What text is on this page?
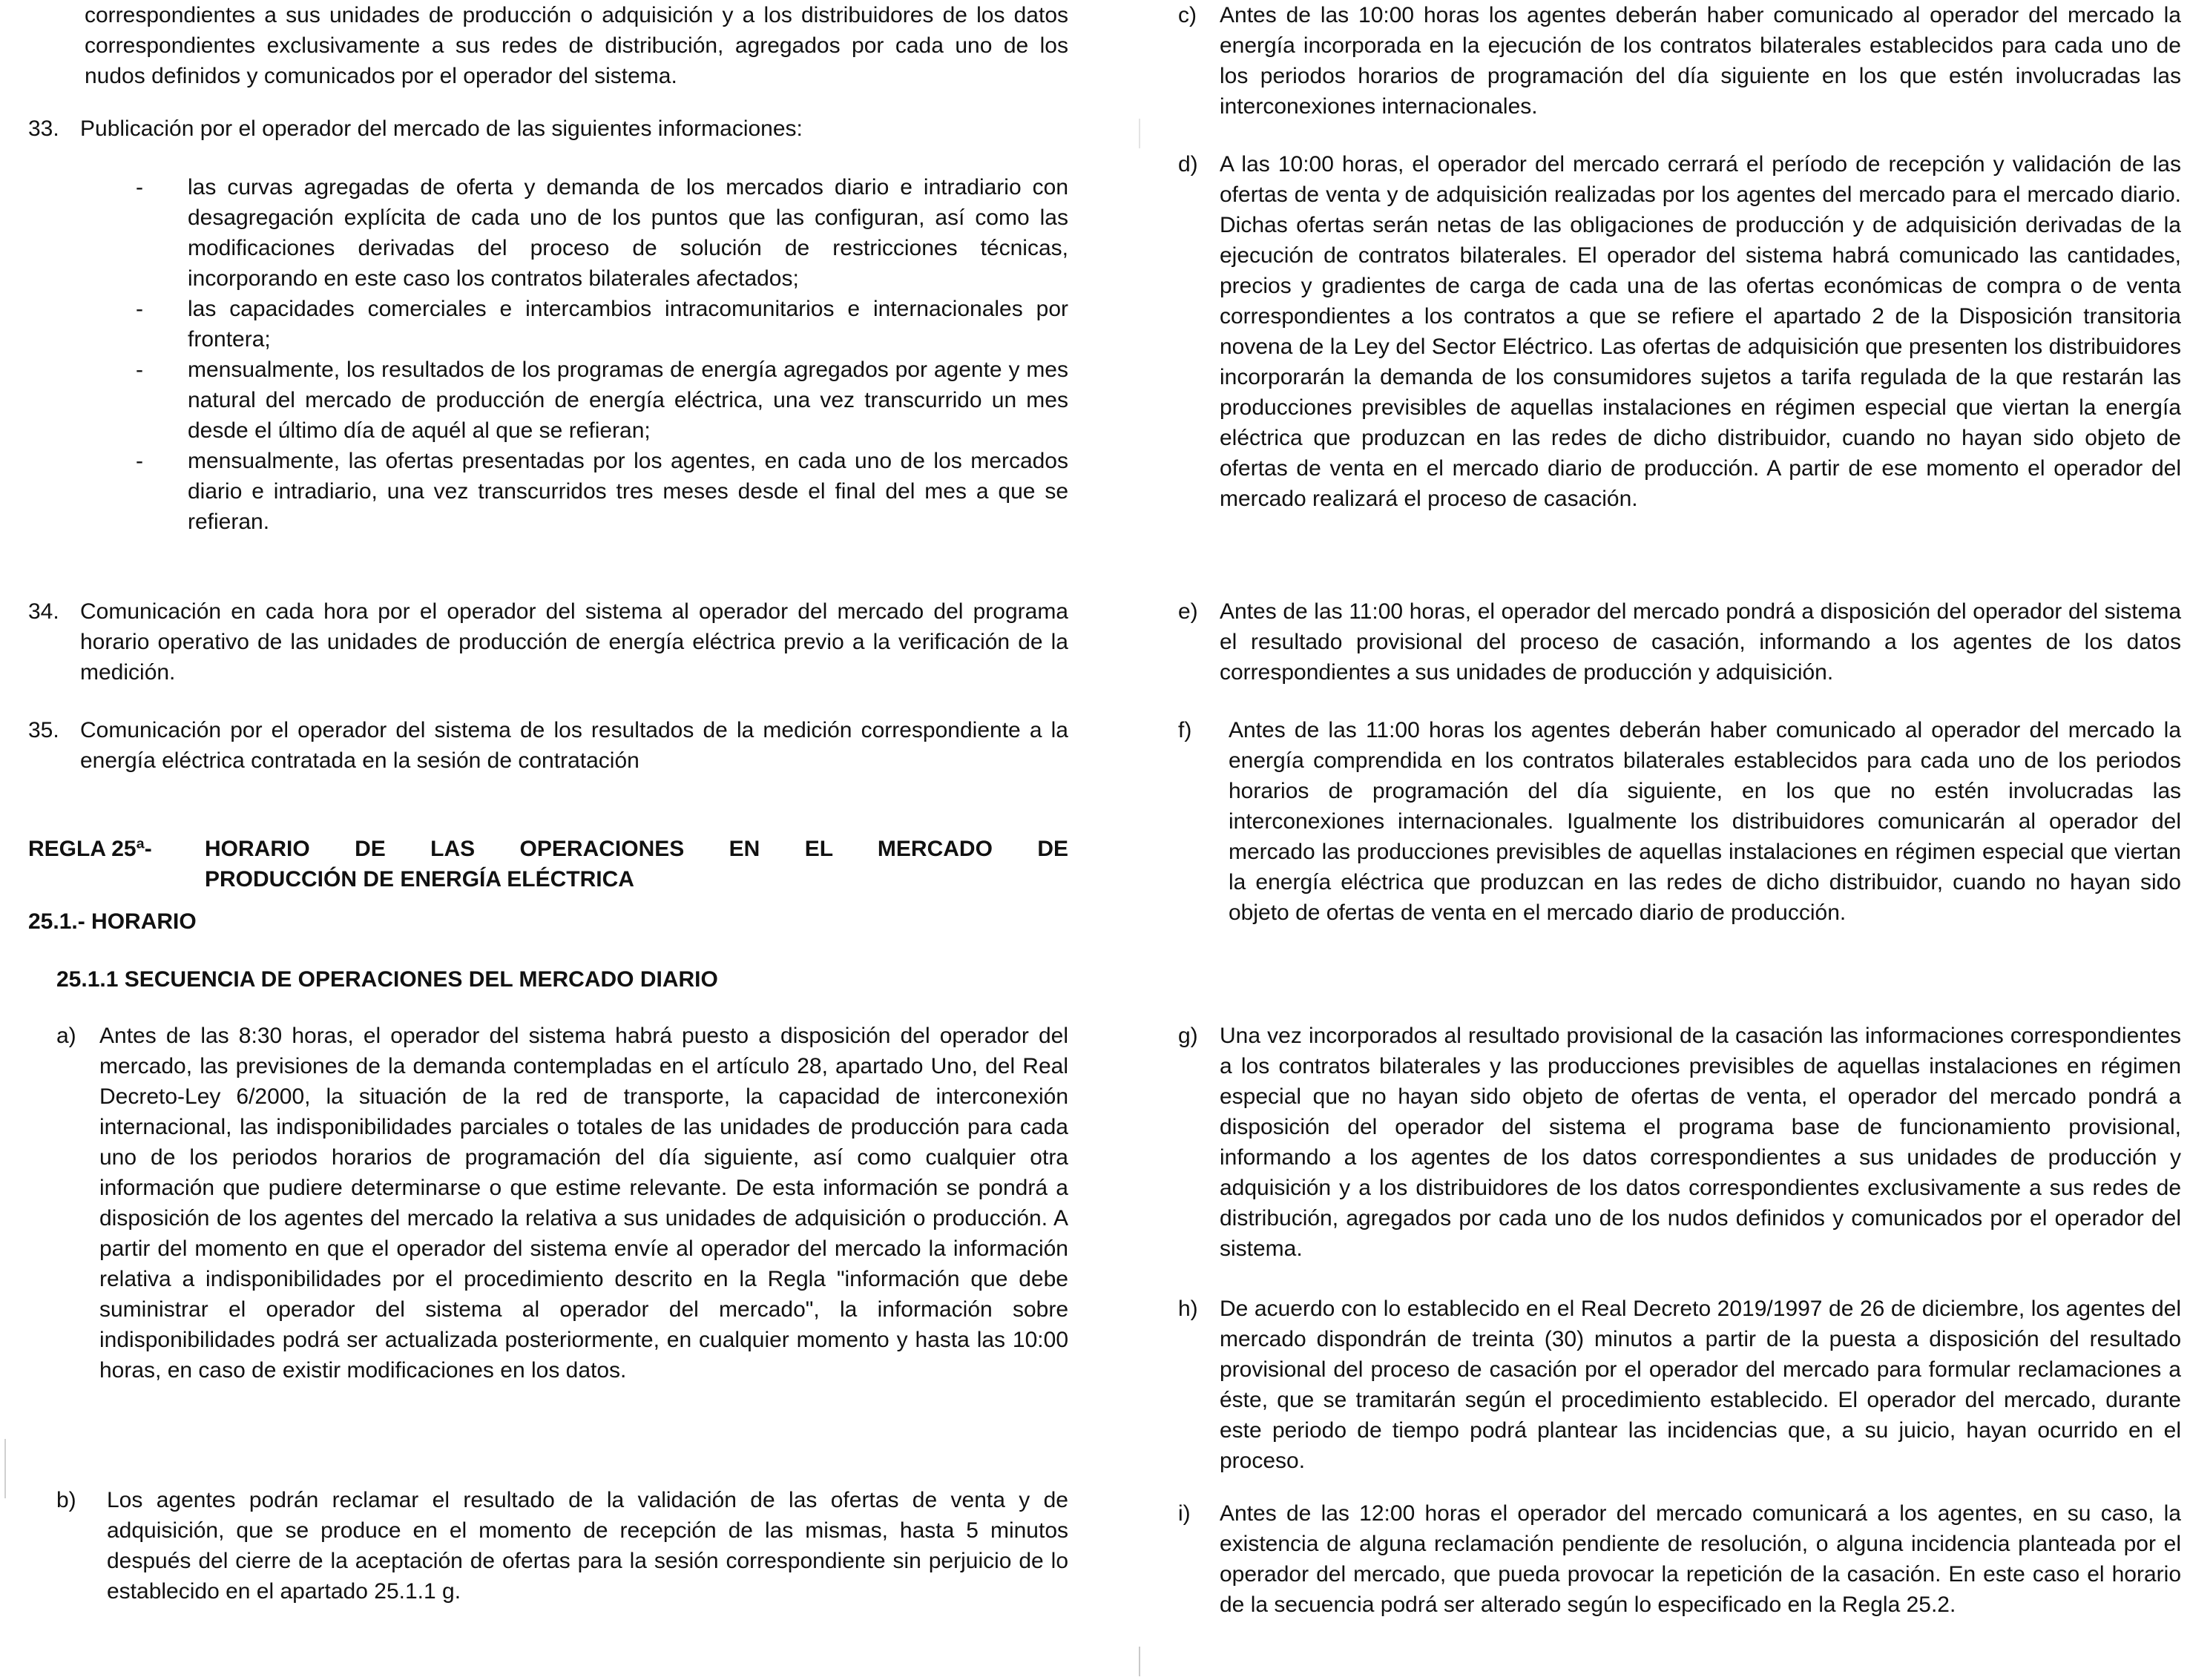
correspondientes a sus unidades de producción o adquisición y a los distribuidores de los datos correspondientes exclusivamente a sus redes de distribución, agregados por cada uno de los nudos definidos y comunicados por el operador del sistema.

33. Publicación por el operador del mercado de las siguientes informaciones:
-	las curvas agregadas de oferta y demanda de los mercados diario e intradiario con desagregación explícita de cada uno de los puntos que las configuran, así como las modificaciones derivadas del proceso de solución de restricciones técnicas, incorporando en este caso los contratos bilaterales afectados;
-	las capacidades comerciales e intercambios intracomunitarios e internacionales por frontera;
-	mensualmente, los resultados de los programas de energía agregados por agente y mes natural del mercado de producción de energía eléctrica, una vez transcurrido un mes desde el último día de aquél al que se refieran;
-	mensualmente, las ofertas presentadas por los agentes, en cada uno de los mercados diario e intradiario, una vez transcurridos tres meses desde el final del mes a que se refieran.
34. Comunicación en cada hora por el operador del sistema al operador del mercado del programa horario operativo de las unidades de producción de energía eléctrica previo a la verificación de la medición.
35. Comunicación por el operador del sistema de los resultados de la medición correspondiente a la energía eléctrica contratada en la sesión de contratación
REGLA 25ª-	HORARIO DE LAS OPERACIONES EN EL MERCADO DE
PRODUCCIÓN DE ENERGÍA ELÉCTRICA

25.1.- HORARIO

25.1.1 SECUENCIA DE OPERACIONES DEL MERCADO DIARIO

a)	Antes de las 8:30 horas, el operador del sistema habrá puesto a disposición del operador del mercado, las previsiones de la demanda contempladas en el artículo 28, apartado Uno, del Real Decreto-Ley 6/2000, la situación de la red de transporte, la capacidad de interconexión internacional, las indisponibilidades parciales o totales de las unidades de producción para cada uno de los periodos horarios de programación del día siguiente, así como cualquier otra información que pudiere determinarse o que estime relevante. De esta información se pondrá a disposición de los agentes del mercado la relativa a sus unidades de adquisición o producción. A partir del momento en que el operador del sistema envíe al operador del mercado la información relativa a indisponibilidades por el procedimiento descrito en la Regla "información que debe suministrar el operador del sistema al operador del mercado", la información sobre indisponibilidades podrá ser actualizada posteriormente, en cualquier momento y hasta las 10:00 horas, en caso de existir modificaciones en los datos.
b)	Los agentes podrán reclamar el resultado de la validación de las ofertas de venta y de adquisición, que se produce en el momento de recepción de las mismas, hasta 5 minutos después del cierre de la aceptación de ofertas para la sesión correspondiente sin perjuicio de lo establecido en el apartado 25.1.1 g.
c)	Antes de las 10:00 horas los agentes deberán haber comunicado al operador del mercado la energía incorporada en la ejecución de los contratos bilaterales establecidos para cada uno de los periodos horarios de programación del día siguiente en los que estén involucradas las interconexiones internacionales.
d) A las 10:00 horas, el operador del mercado cerrará el período de recepción y validación de las ofertas de venta y de adquisición realizadas por los agentes del mercado para el mercado diario. Dichas ofertas serán netas de las obligaciones de producción y de adquisición derivadas de la ejecución de contratos bilaterales. El operador del sistema habrá comunicado las cantidades, precios y gradientes de carga de cada una de las ofertas económicas de compra o de venta correspondientes a los contratos a que se refiere el apartado 2 de la Disposición transitoria novena de la Ley del Sector Eléctrico. Las ofertas de adquisición que presenten los distribuidores incorporarán la demanda de los consumidores sujetos a tarifa regulada de la que restarán las producciones previsibles de aquellas instalaciones en régimen especial que viertan la energía eléctrica que produzcan en las redes de dicho distribuidor, cuando no hayan sido objeto de ofertas de venta en el mercado diario de producción. A partir de ese momento el operador del mercado realizará el proceso de casación.
e) Antes de las 11:00 horas, el operador del mercado pondrá a disposición del operador del sistema el resultado provisional del proceso de casación, informando a los agentes de los datos correspondientes a sus unidades de producción y adquisición.
f)	Antes de las 11:00 horas los agentes deberán haber comunicado al operador del mercado la energía comprendida en los contratos bilaterales establecidos para cada uno de los periodos horarios de programación del día siguiente, en los que no estén involucradas las interconexiones internacionales. Igualmente los distribuidores comunicarán al operador del mercado las producciones previsibles de aquellas instalaciones en régimen especial que viertan la energía eléctrica que produzcan en las redes de dicho distribuidor, cuando no hayan sido objeto de ofertas de venta en el mercado diario de producción.
g) Una vez incorporados al resultado provisional de la casación las informaciones correspondientes a los contratos bilaterales y las producciones previsibles de aquellas instalaciones en régimen especial que no hayan sido objeto de ofertas de venta, el operador del mercado pondrá a disposición del operador del sistema el programa base de funcionamiento provisional, informando a los agentes de los datos correspondientes a sus unidades de producción y adquisición y a los distribuidores de los datos correspondientes exclusivamente a sus redes de distribución, agregados por cada uno de los nudos definidos y comunicados por el operador del sistema.
h) De acuerdo con lo establecido en el Real Decreto 2019/1997 de 26 de diciembre, los agentes del mercado dispondrán de treinta (30) minutos a partir de la puesta a disposición del resultado provisional del proceso de casación por el operador del mercado para formular reclamaciones a éste, que se tramitarán según el procedimiento establecido. El operador del mercado, durante este periodo de tiempo podrá plantear las incidencias que, a su juicio, hayan ocurrido en el proceso.
i)	Antes de las 12:00 horas el operador del mercado comunicará a los agentes, en su caso, la existencia de alguna reclamación pendiente de resolución, o alguna incidencia planteada por el operador del mercado, que pueda provocar la repetición de la casación. En este caso el horario de la secuencia podrá ser alterado según lo especificado en la Regla 25.2.
